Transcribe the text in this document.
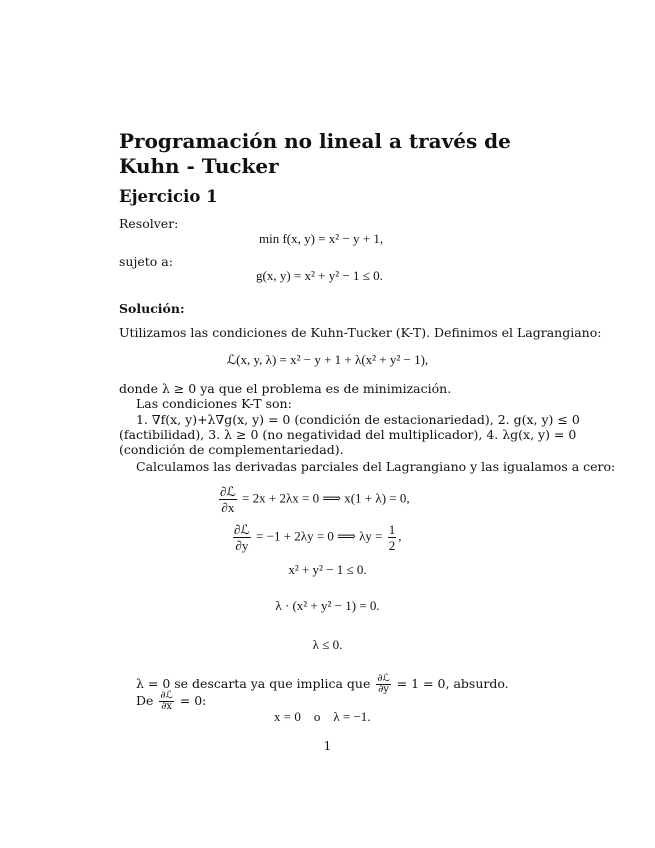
Programación no lineal a través de Kuhn - Tucker
Ejercicio 1
Resolver:
min f(x, y) = x² − y + 1,
sujeto a:
g(x, y) = x² + y² − 1 ≤ 0.
Solución:
Utilizamos las condiciones de Kuhn-Tucker (K-T). Definimos el Lagrangiano:
ℒ(x, y, λ) = x² − y + 1 + λ(x² + y² − 1),
donde λ ≥ 0 ya que el problema es de minimización.
Las condiciones K-T son:
1. ∇f(x, y)+λ∇g(x, y) = 0 (condición de estacionariedad), 2. g(x, y) ≤ 0
(factibilidad), 3. λ ≥ 0 (no negatividad del multiplicador), 4. λg(x, y) = 0
(condición de complementariedad).
Calculamos las derivadas parciales del Lagrangiano y las igualamos a cero:
$\frac{\text{∂ℒ}}{\partial x} = 2x + 2\lambda x = 0$ ⟹ x(1 + λ) = 0,
$\frac{\text{∂ℒ}}{\partial y} = -1 + 2\lambda y = 0$ ⟹ $\lambda y = \frac{1}{2}$ ,
x² + y² − 1 ≤ 0.
λ · (x² + y² − 1) = 0.
λ ≤ 0.
λ = 0 se descarta ya que implica que $\frac{\text{∂ℒ}}{\partial y} = 1 = 0$, absurdo.
De $\frac{\text{∂ℒ}}{\partial x} = 0$:
x = 0    o    λ = −1.
1
